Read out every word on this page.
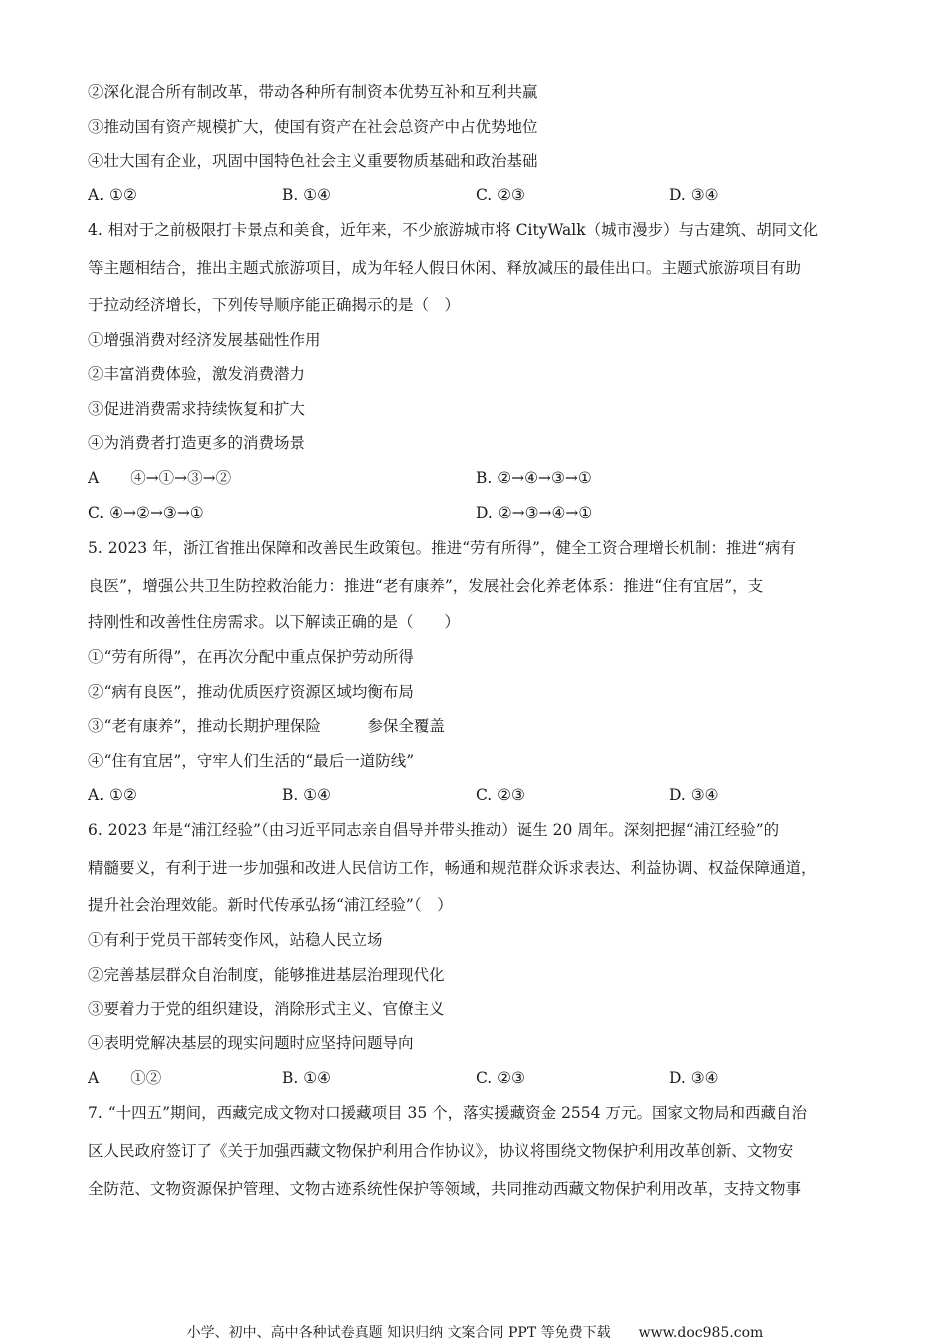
②深化混合所有制改革，带动各种所有制资本优势互补和互利共赢
③推动国有资产规模扩大，使国有资产在社会总资产中占优势地位
④壮大国有企业，巩固中国特色社会主义重要物质基础和政治基础
A. ①②	B. ①④	C. ②③	D. ③④
4. 相对于之前极限打卡景点和美食，近年来，不少旅游城市将 CityWalk（城市漫步）与古建筑、胡同文化
等主题相结合，推出主题式旅游项目，成为年轻人假日休闲、释放减压的最佳出口。主题式旅游项目有助
于拉动经济增长，下列传导顺序能正确揭示的是（　）
①增强消费对经济发展基础性作用
②丰富消费体验，激发消费潜力
③促进消费需求持续恢复和扩大
④为消费者打造更多的消费场景
A　　④→①→③→②	B. ②→④→③→①
C. ④→②→③→①	D. ②→③→④→①
5. 2023 年，浙江省推出保障和改善民生政策包。推进“劳有所得”，健全工资合理增长机制：推进“病有
良医”，增强公共卫生防控救治能力：推进“老有康养”，发展社会化养老体系：推进“住有宜居”，支
持刚性和改善性住房需求。以下解读正确的是（　　）
①“劳有所得”，在再次分配中重点保护劳动所得
②“病有良医”，推动优质医疗资源区域均衡布局
③“老有康养”，推动长期护理保险　　　参保全覆盖
④“住有宜居”，守牢人们生活的“最后一道防线”
A. ①②	B. ①④	C. ②③	D. ③④
6. 2023 年是“浦江经验”（由习近平同志亲自倡导并带头推动）诞生 20 周年。深刻把握“浦江经验”的
精髓要义，有利于进一步加强和改进人民信访工作，畅通和规范群众诉求表达、利益协调、权益保障通道，
提升社会治理效能。新时代传承弘扬“浦江经验”（　）
①有利于党员干部转变作风，站稳人民立场
②完善基层群众自治制度，能够推进基层治理现代化
③要着力于党的组织建设，消除形式主义、官僚主义
④表明党解决基层的现实问题时应坚持问题导向
A　　①②	B. ①④	C. ②③	D. ③④
7. “十四五”期间，西藏完成文物对口援藏项目 35 个，落实援藏资金 2554 万元。国家文物局和西藏自治
区人民政府签订了《关于加强西藏文物保护利用合作协议》，协议将围绕文物保护利用改革创新、文物安
全防范、文物资源保护管理、文物古迹系统性保护等领域，共同推动西藏文物保护利用改革，支持文物事
小学、初中、高中各种试卷真题 知识归纳 文案合同 PPT 等免费下载　　www.doc985.com
